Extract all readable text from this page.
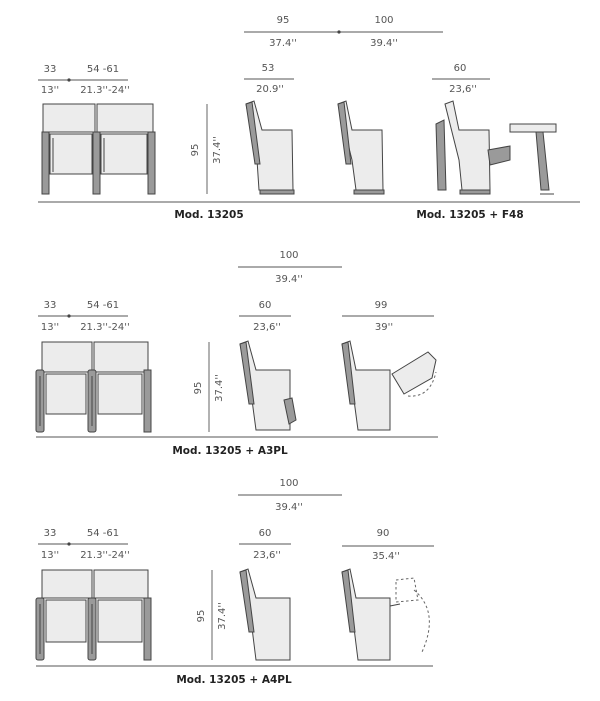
95	100
37.4''	39.4''
33	54 -61
13'' 21.3''-24''
95 37.4''
53
20.9''
60
23,6''
Mod. 13205	Mod. 13205 + F48
100
39.4''
33	54 -61
13'' 21.3''-24''
95 37.4''
60
23,6''
99
39''
Mod. 13205 + A3PL
100
39.4''
33	54 -61
13'' 21.3''-24''
95 37.4''
60
23,6''
90
35.4''
Mod. 13205 + A4PL
